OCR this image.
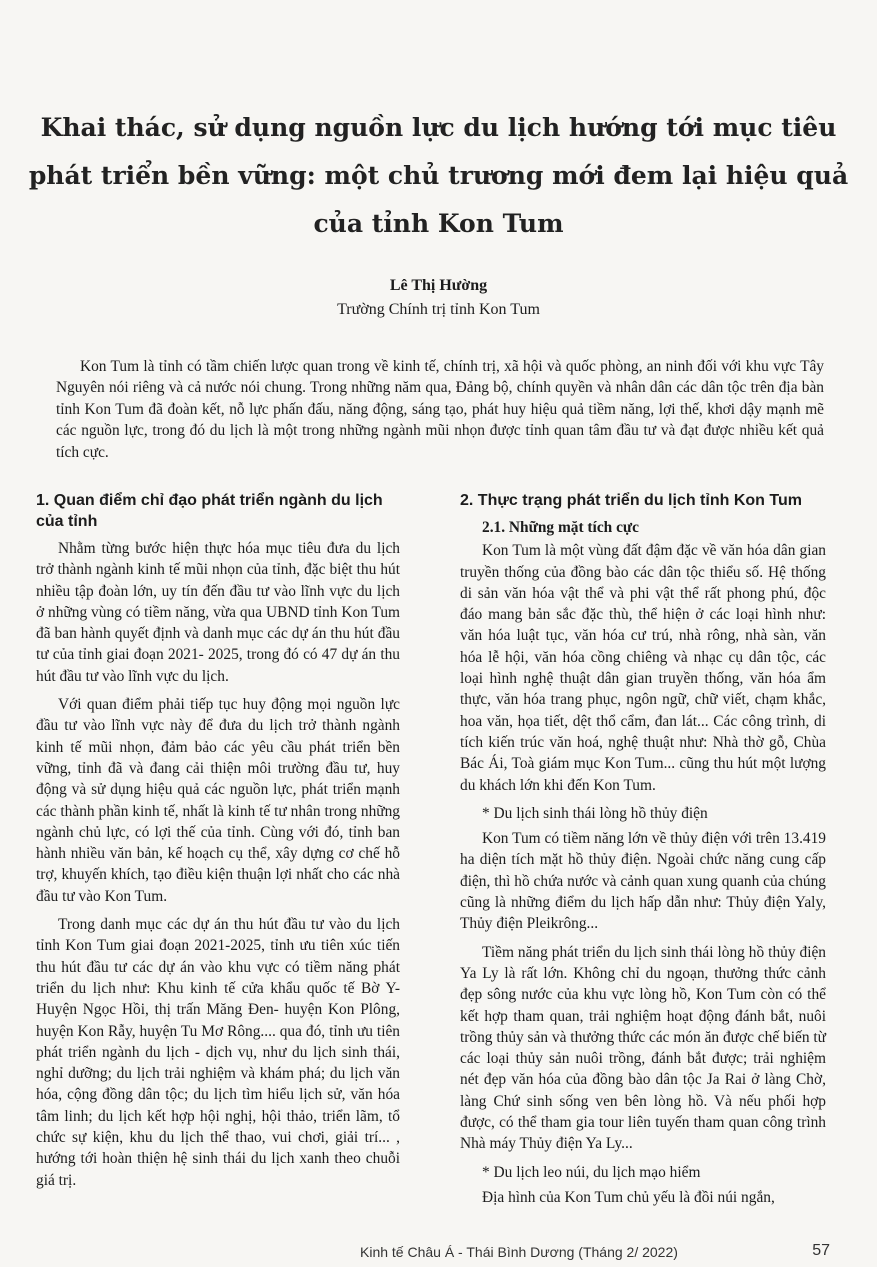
Khai thác, sử dụng nguồn lực du lịch hướng tới mục tiêu phát triển bền vững: một chủ trương mới đem lại hiệu quả của tỉnh Kon Tum
Lê Thị Hường
Trường Chính trị tỉnh Kon Tum

Kon Tum là tỉnh có tầm chiến lược quan trong về kinh tế, chính trị, xã hội và quốc phòng, an ninh đối với khu vực Tây Nguyên nói riêng và cả nước nói chung. Trong những năm qua, Đảng bộ, chính quyền và nhân dân các dân tộc trên địa bàn tỉnh Kon Tum đã đoàn kết, nỗ lực phấn đấu, năng động, sáng tạo, phát huy hiệu quả tiềm năng, lợi thế, khơi dậy mạnh mẽ các nguồn lực, trong đó du lịch là một trong những ngành mũi nhọn được tỉnh quan tâm đầu tư và đạt được nhiều kết quả tích cực.

1. Quan điểm chỉ đạo phát triển ngành du lịch của tỉnh

Nhằm từng bước hiện thực hóa mục tiêu đưa du lịch trở thành ngành kinh tế mũi nhọn của tỉnh, đặc biệt thu hút nhiều tập đoàn lớn, uy tín đến đầu tư vào lĩnh vực du lịch ở những vùng có tiềm năng, vừa qua UBND tỉnh Kon Tum đã ban hành quyết định và danh mục các dự án thu hút đầu tư của tỉnh giai đoạn 2021- 2025, trong đó có 47 dự án thu hút đầu tư vào lĩnh vực du lịch.

Với quan điểm phải tiếp tục huy động mọi nguồn lực đầu tư vào lĩnh vực này để đưa du lịch trở thành ngành kinh tế mũi nhọn, đảm bảo các yêu cầu phát triển bền vững, tỉnh đã và đang cải thiện môi trường đầu tư, huy động và sử dụng hiệu quả các nguồn lực, phát triển mạnh các thành phần kinh tế, nhất là kinh tế tư nhân trong những ngành chủ lực, có lợi thế của tỉnh. Cùng với đó, tỉnh ban hành nhiều văn bản, kế hoạch cụ thể, xây dựng cơ chế hỗ trợ, khuyến khích, tạo điều kiện thuận lợi nhất cho các nhà đầu tư vào Kon Tum.

Trong danh mục các dự án thu hút đầu tư vào du lịch tỉnh Kon Tum giai đoạn 2021-2025, tỉnh ưu tiên xúc tiến thu hút đầu tư các dự án vào khu vực có tiềm năng phát triển du lịch như: Khu kinh tế cửa khẩu quốc tế Bờ Y- Huyện Ngọc Hồi, thị trấn Măng Đen- huyện Kon Plông, huyện Kon Rẫy, huyện Tu Mơ Rông.... qua đó, tỉnh ưu tiên phát triển ngành du lịch - dịch vụ, như du lịch sinh thái, nghỉ dưỡng; du lịch trải nghiệm và khám phá; du lịch văn hóa, cộng đồng dân tộc; du lịch tìm hiểu lịch sử, văn hóa tâm linh; du lịch kết hợp hội nghị, hội thảo, triển lãm, tổ chức sự kiện, khu du lịch thể thao, vui chơi, giải trí... , hướng tới hoàn thiện hệ sinh thái du lịch xanh theo chuỗi giá trị.

2. Thực trạng phát triển du lịch tỉnh Kon Tum
2.1. Những mặt tích cực

Kon Tum là một vùng đất đậm đặc về văn hóa dân gian truyền thống của đồng bào các dân tộc thiểu số. Hệ thống di sản văn hóa vật thể và phi vật thể rất phong phú, độc đáo mang bản sắc đặc thù, thể hiện ở các loại hình như: văn hóa luật tục, văn hóa cư trú, nhà rông, nhà sàn, văn hóa lễ hội, văn hóa cồng chiêng và nhạc cụ dân tộc, các loại hình nghệ thuật dân gian truyền thống, văn hóa ẩm thực, văn hóa trang phục, ngôn ngữ, chữ viết, chạm khắc, hoa văn, họa tiết, dệt thổ cẩm, đan lát... Các công trình, di tích kiến trúc văn hoá, nghệ thuật như: Nhà thờ gỗ, Chùa Bác Ái, Toà giám mục Kon Tum... cũng thu hút một lượng du khách lớn khi đến Kon Tum.

* Du lịch sinh thái lòng hồ thủy điện

Kon Tum có tiềm năng lớn về thủy điện với trên 13.419 ha diện tích mặt hồ thủy điện. Ngoài chức năng cung cấp điện, thì hồ chứa nước và cảnh quan xung quanh của chúng cũng là những điểm du lịch hấp dẫn như: Thủy điện Yaly, Thủy điện Pleikrông...

Tiềm năng phát triển du lịch sinh thái lòng hồ thủy điện Ya Ly là rất lớn. Không chỉ du ngoạn, thưởng thức cảnh đẹp sông nước của khu vực lòng hồ, Kon Tum còn có thể kết hợp tham quan, trải nghiệm hoạt động đánh bắt, nuôi trồng thủy sản và thưởng thức các món ăn được chế biến từ các loại thủy sản nuôi trồng, đánh bắt được; trải nghiệm nét đẹp văn hóa của đồng bào dân tộc Ja Rai ở làng Chờ, làng Chứ sinh sống ven bên lòng hồ. Và nếu phối hợp được, có thể tham gia tour liên tuyến tham quan công trình Nhà máy Thủy điện Ya Ly...

* Du lịch leo núi, du lịch mạo hiểm

Địa hình của Kon Tum chủ yếu là đồi núi ngắn,

Kinh tế Châu Á - Thái Bình Dương (Tháng 2/ 2022)	57
